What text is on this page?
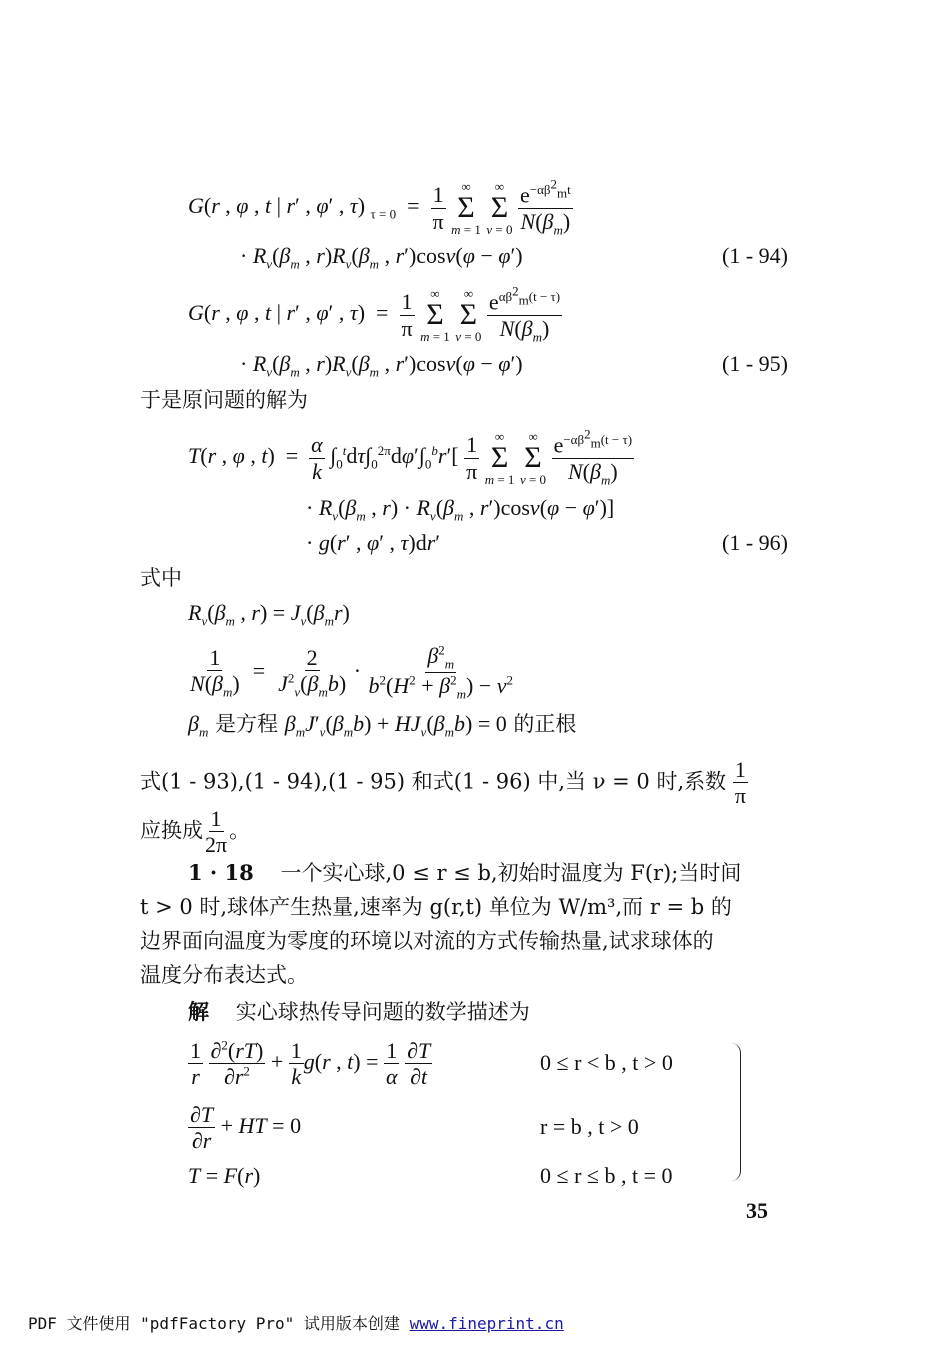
G(r , φ , t | r′ , φ′ , τ) $_{\tau = 0} = \frac{1}{\pi}$
∞
Σ
m = 1

∞
Σ
ν = 0
$\frac{e^{-\alpha\beta^2_mt}}{N(\beta_m)}$
· $R_\nu(\beta_m$ , $r)R_\nu(\beta_m$ , r′)cosν(φ − φ′)	(1 - 94)
G(r , φ , t | r′ , φ′ , $\tau) = \frac{1}{\pi}$
∞
Σ
m = 1

∞
Σ
ν = 0
$\frac{e^{\alpha\beta^2_m(t - \tau)}}{N(\beta_m)}$
· $R_\nu(\beta_m$ , $r)R_\nu(\beta_m$ , r′)cosν(φ − φ′)	(1 - 95)
于是原问题的解为
T(r , φ , $t) = \frac{\alpha}{k} \int_0^td\tau\int_0^{2\pi}d\varphi'\int_0^br'[ \frac{1}{\pi}$
∞
Σ
m = 1

∞
Σ
ν = 0
$\frac{e^{-\alpha\beta^2_m(t - \tau)}}{N(\beta_m)}$
· $R_\nu(\beta_m$ , $r) \cdot R_\nu(\beta_m$ , r′)cosν(φ − φ′)]
· g(r′ , φ′ , τ)dr′	(1 - 96)
式中
$R_\nu(\beta_m$ , $r) = J_\nu(\beta_mr)$
$\frac{1}{N(\beta_m)} = \frac{2}{J^2_\nu(\beta_mb)} \cdot \frac{\beta^2_m}{b^2(H^2 + \beta^2_m) - \nu^2}$
$\beta_m$ 是方程 $\beta_mJ'_\nu(\beta_mb) + HJ_\nu(\beta_mb) = 0$ 的正根
式(1 - 93),(1 - 94),(1 - 95) 和式(1 - 96) 中,当 ν = 0 时,系数 $\frac{1}{\pi}$
应换成 $\frac{1}{2\pi}$ 。
1 · 18 一个实心球,0 ≤ r ≤ b,初始时温度为 F(r);当时间
t > 0 时,球体产生热量,速率为 g(r,t) 单位为 W/m³,而 r = b 的
边界面向温度为零度的环境以对流的方式传输热量,试求球体的
温度分布表达式。
解 实心球热传导问题的数学描述为
$\frac{1}{r}$
$\frac{\partial^2(rT)}{\partial r^2} + \frac{1}{k} g(r$ , $t) = \frac{1}{\alpha}$
$\frac{\partial T}{\partial t}$	0 ≤ r < b , t > 0
$\frac{\partial T}{\partial r}$ + HT = 0	r = b , t > 0
T = F(r)	0 ≤ r ≤ b , t = 0
35
PDF 文件使用 "pdfFactory Pro" 试用版本创建 www.fineprint.cn
